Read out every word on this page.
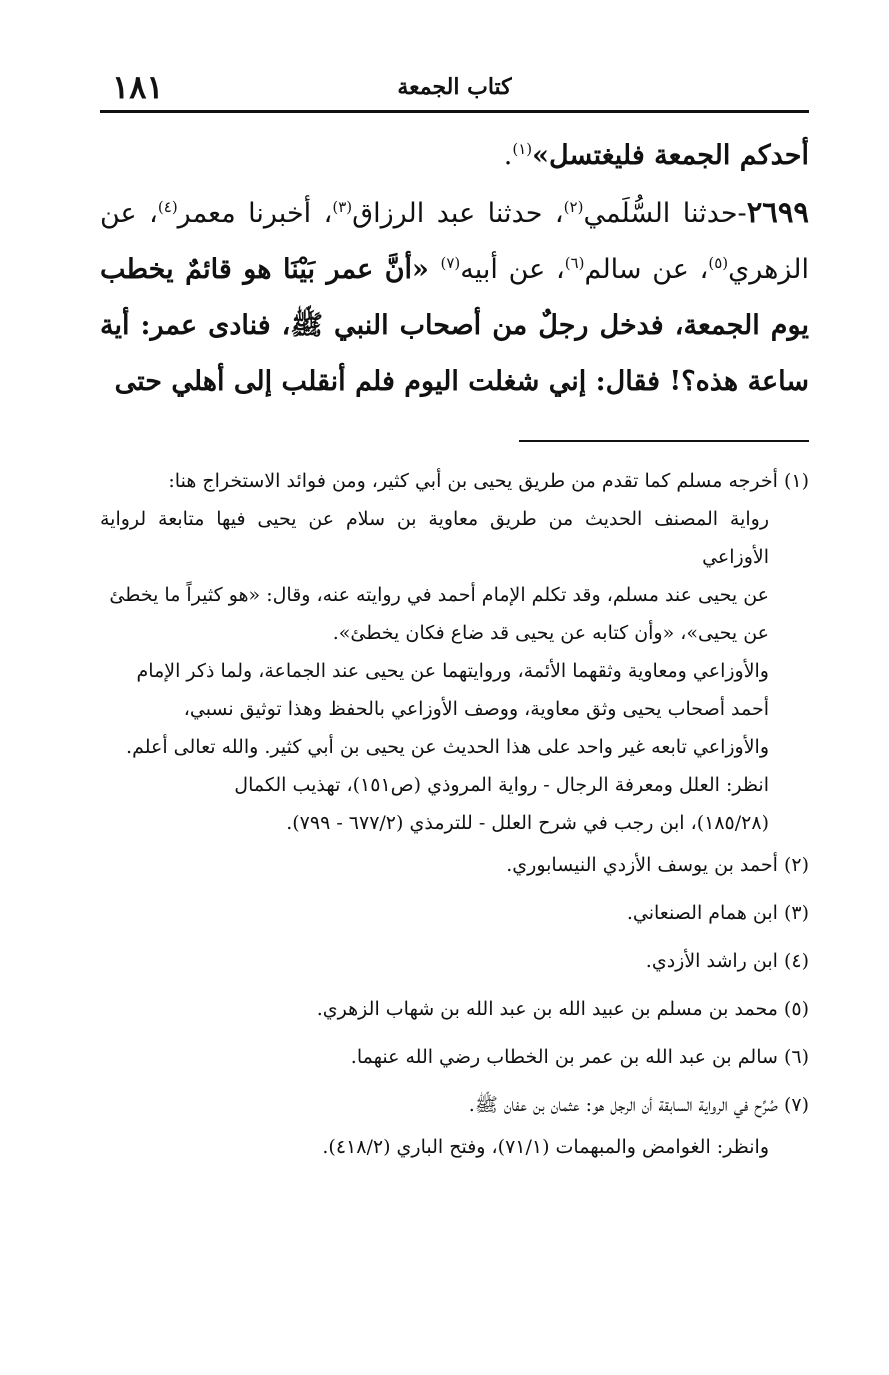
١٨١	كتاب الجمعة

أحدكم الجمعة فليغتسل»$^{(١)}$.

٢٦٩٩-حدثنا السُّلَمي$^{(٢)}$، حدثنا عبد الرزاق$^{(٣)}$، أخبرنا معمر$^{(٤)}$، عن الزهري$^{(٥)}$، عن سالم$^{(٦)}$، عن أبيه$^{(٧)}$ «أنَّ عمر بَيْنَا هو قائمٌ يخطب يوم الجمعة، فدخل رجلٌ من أصحاب النبي ﷺ، فنادى عمر: أية ساعة هذه؟! فقال: إني شغلت اليوم فلم أنقلب إلى أهلي حتى

(١) أخرجه مسلم كما تقدم من طريق يحيى بن أبي كثير، ومن فوائد الاستخراج هنا:

رواية المصنف الحديث من طريق معاوية بن سلام عن يحيى فيها متابعة لرواية الأوزاعي

عن يحيى عند مسلم، وقد تكلم الإمام أحمد في روايته عنه، وقال: «هو كثيراً ما يخطئ

عن يحيى»، «وأن كتابه عن يحيى قد ضاع فكان يخطئ».

والأوزاعي ومعاوية وثقهما الأئمة، وروايتهما عن يحيى عند الجماعة، ولما ذكر الإمام

أحمد أصحاب يحيى وثق معاوية، ووصف الأوزاعي بالحفظ وهذا توثيق نسبي،

والأوزاعي تابعه غير واحد على هذا الحديث عن يحيى بن أبي كثير. والله تعالى أعلم.

انظر: العلل ومعرفة الرجال - رواية المروذي (ص١٥١)، تهذيب الكمال

(١٨٥/٢٨)، ابن رجب في شرح العلل - للترمذي (٦٧٧/٢ - ٧٩٩).

(٢) أحمد بن يوسف الأزدي النيسابوري.

(٣) ابن همام الصنعاني.

(٤) ابن راشد الأزدي.

(٥) محمد بن مسلم بن عبيد الله بن عبد الله بن شهاب الزهري.

(٦) سالم بن عبد الله بن عمر بن الخطاب رضي الله عنهما.

(٧) صُرِّح في الرواية السابقة أن الرجل هو: عثمان بن عفان ﷺ.

وانظر: الغوامض والمبهمات (٧١/١)، وفتح الباري (٤١٨/٢).
